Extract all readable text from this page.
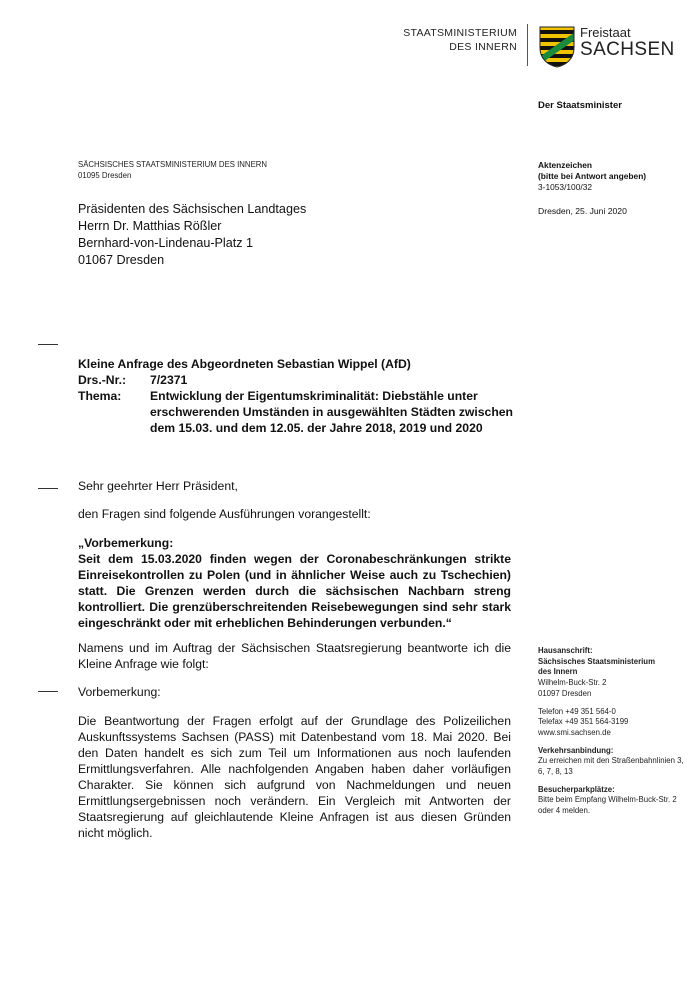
STAATSMINISTERIUM
DES INNERN
Freistaat
SACHSEN
Der Staatsminister
SÄCHSISCHES STAATSMINISTERIUM DES INNERN
01095 Dresden
Präsidenten des Sächsischen Landtages
Herrn Dr. Matthias Rößler
Bernhard-von-Lindenau-Platz 1
01067 Dresden
Aktenzeichen
(bitte bei Antwort angeben)
3-1053/100/32
Dresden, 25. Juni 2020
Kleine Anfrage des Abgeordneten Sebastian Wippel (AfD)
Drs.-Nr.:	7/2371
Thema:	Entwicklung der Eigentumskriminalität: Diebstähle unter erschwerenden Umständen in ausgewählten Städten zwischen dem 15.03. und dem 12.05. der Jahre 2018, 2019 und 2020
Sehr geehrter Herr Präsident,
den Fragen sind folgende Ausführungen vorangestellt:
„Vorbemerkung:
Seit dem 15.03.2020 finden wegen der Coronabeschränkungen strikte Einreisekontrollen zu Polen (und in ähnlicher Weise auch zu Tschechien) statt. Die Grenzen werden durch die sächsischen Nachbarn streng kontrolliert. Die grenzüberschreitenden Reisebewegungen sind sehr stark eingeschränkt oder mit erheblichen Behinderungen verbunden.“
Namens und im Auftrag der Sächsischen Staatsregierung beantworte ich die Kleine Anfrage wie folgt:
Vorbemerkung:
Die Beantwortung der Fragen erfolgt auf der Grundlage des Polizeilichen Auskunftssystems Sachsen (PASS) mit Datenbestand vom 18. Mai 2020. Bei den Daten handelt es sich zum Teil um Informationen aus noch laufenden Ermittlungsverfahren. Alle nachfolgenden Angaben haben daher vorläufigen Charakter. Sie können sich aufgrund von Nachmeldungen und neuen Ermittlungsergebnissen noch verändern. Ein Vergleich mit Antworten der Staatsregierung auf gleichlautende Kleine Anfragen ist aus diesen Gründen nicht möglich.
Hausanschrift:
Sächsisches Staatsministerium
des Innern
Wilhelm-Buck-Str. 2
01097 Dresden
Telefon +49 351 564-0
Telefax +49 351 564-3199
www.smi.sachsen.de
Verkehrsanbindung:
Zu erreichen mit den Straßenbahnlinien 3, 6, 7, 8, 13
Besucherparkplätze:
Bitte beim Empfang Wilhelm-Buck-Str. 2 oder 4 melden.
